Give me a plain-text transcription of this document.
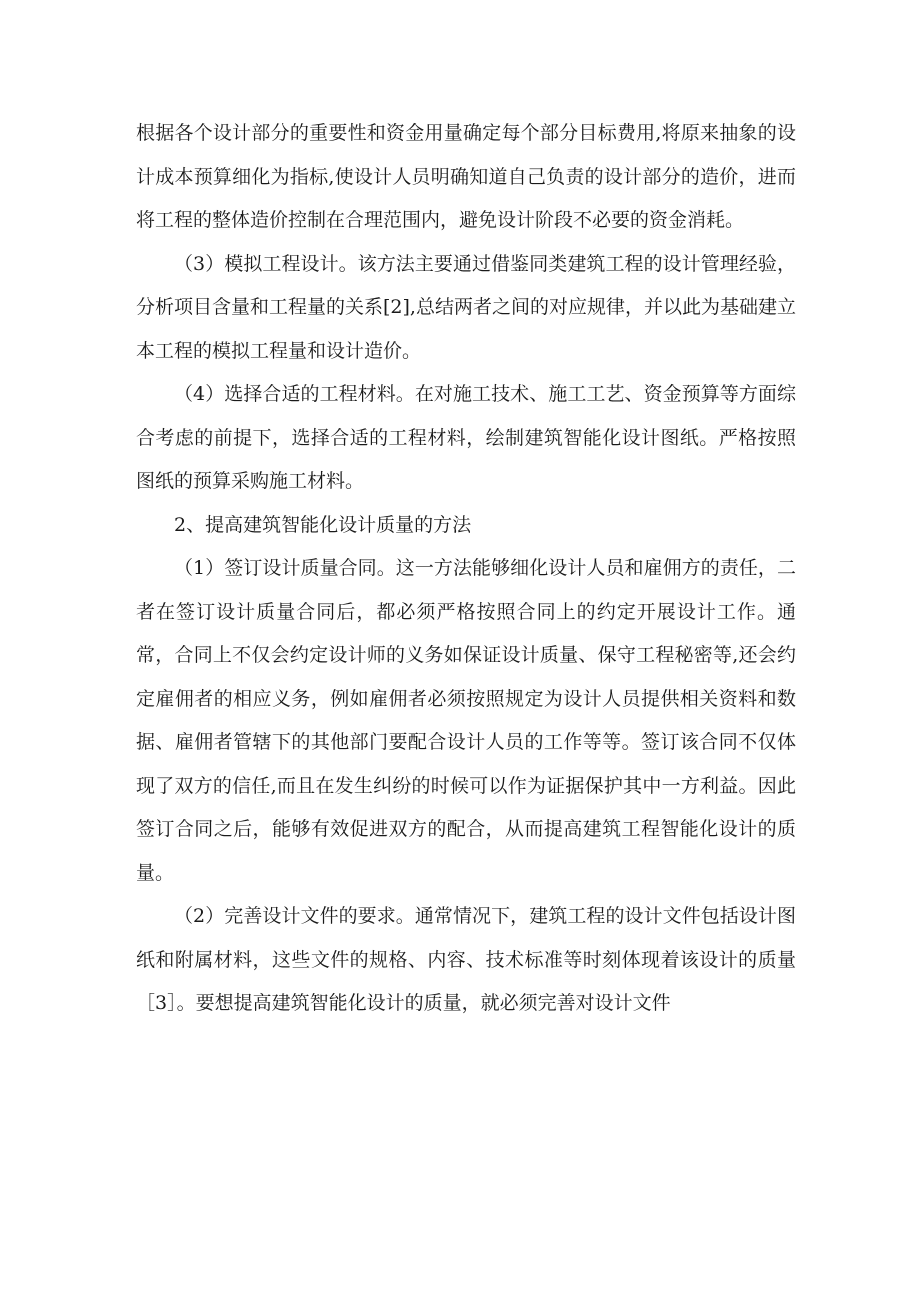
根据各个设计部分的重要性和资金用量确定每个部分目标费用,将原来抽象的设计成本预算细化为指标,使设计人员明确知道自己负责的设计部分的造价，进而将工程的整体造价控制在合理范围内，避免设计阶段不必要的资金消耗。

（3）模拟工程设计。该方法主要通过借鉴同类建筑工程的设计管理经验，分析项目含量和工程量的关系[2],总结两者之间的对应规律，并以此为基础建立本工程的模拟工程量和设计造价。

（4）选择合适的工程材料。在对施工技术、施工工艺、资金预算等方面综合考虑的前提下，选择合适的工程材料，绘制建筑智能化设计图纸。严格按照图纸的预算采购施工材料。

2、提高建筑智能化设计质量的方法

（1）签订设计质量合同。这一方法能够细化设计人员和雇佣方的责任，二者在签订设计质量合同后，都必须严格按照合同上的约定开展设计工作。通常，合同上不仅会约定设计师的义务如保证设计质量、保守工程秘密等,还会约定雇佣者的相应义务，例如雇佣者必须按照规定为设计人员提供相关资料和数据、雇佣者管辖下的其他部门要配合设计人员的工作等等。签订该合同不仅体现了双方的信任,而且在发生纠纷的时候可以作为证据保护其中一方利益。因此签订合同之后，能够有效促进双方的配合，从而提高建筑工程智能化设计的质量。

（2）完善设计文件的要求。通常情况下，建筑工程的设计文件包括设计图纸和附属材料，这些文件的规格、内容、技术标准等时刻体现着该设计的质量［3］。要想提高建筑智能化设计的质量，就必须完善对设计文件
